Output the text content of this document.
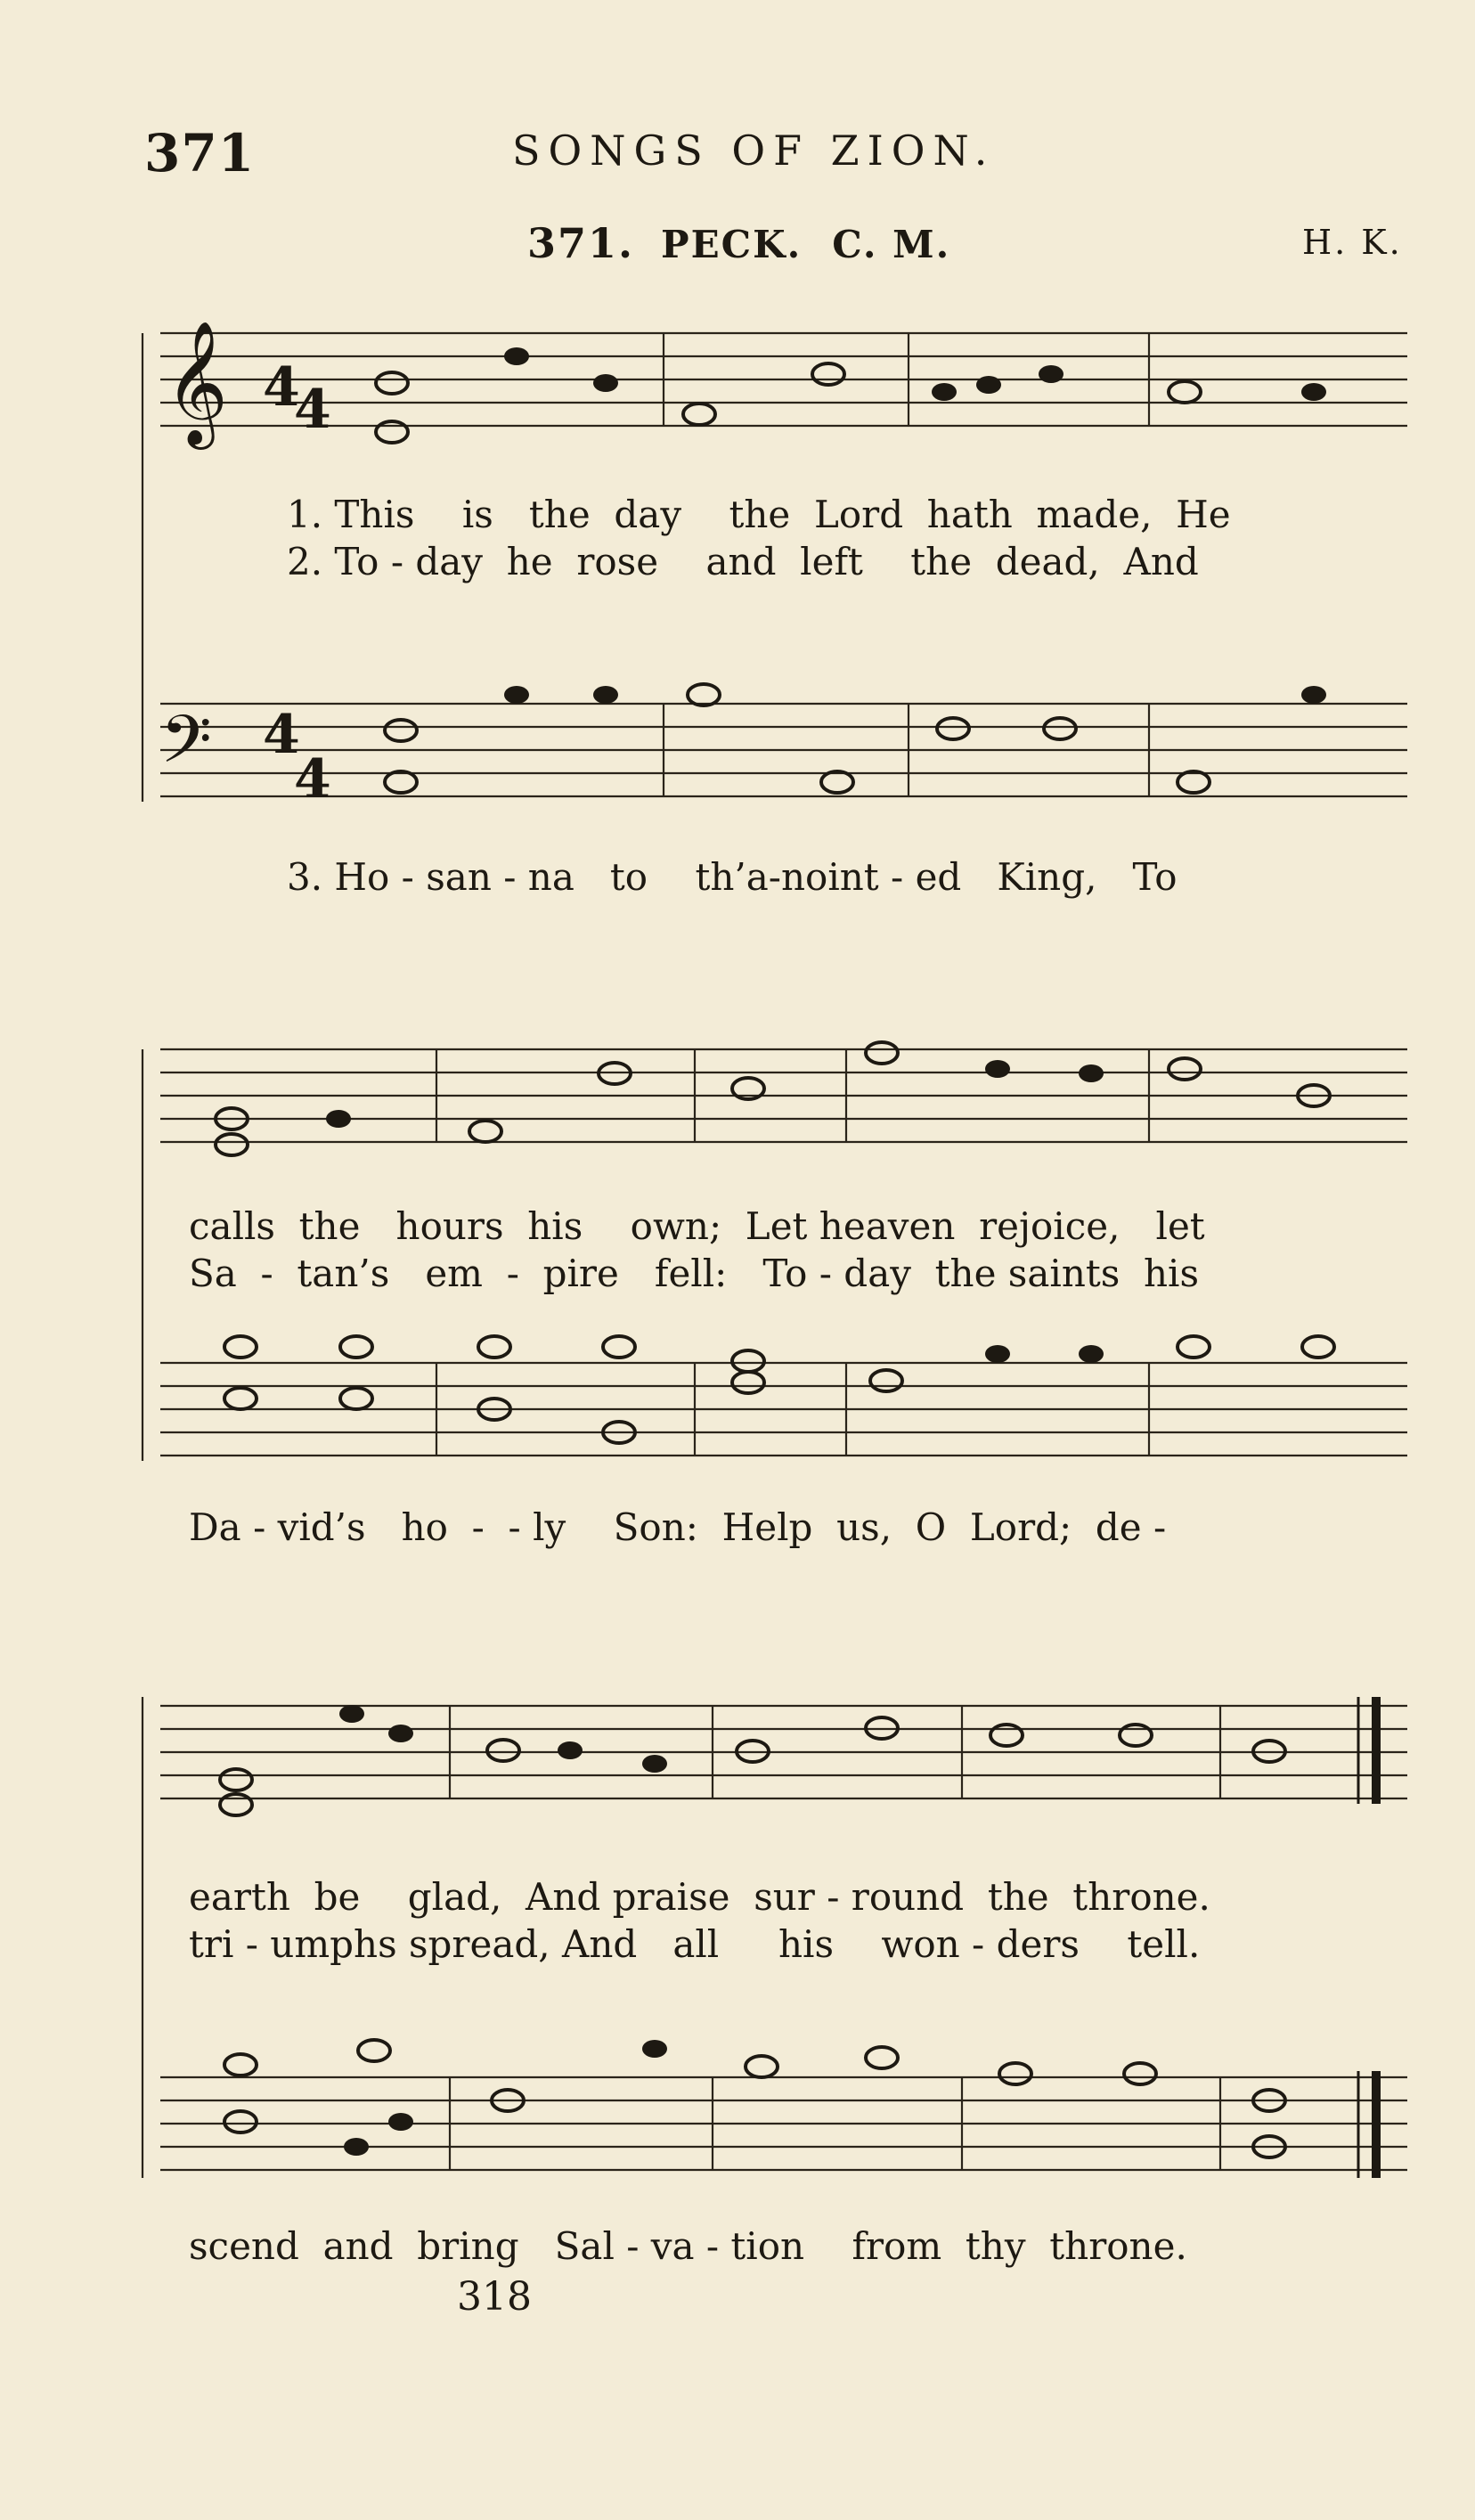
371	SONGS OF ZION.
371. PECK. C. M.	H. K.
𝄞 4
4
𝄢 4
4
1. This    is   the  day    the  Lord  hath  made,  He
2. To - day  he  rose    and  left    the  dead,  And
3. Ho - san - na   to    th’a-noint - ed   King,   To
calls  the   hours  his    own;  Let heaven  rejoice,   let
Sa  -  tan’s   em  -  pire   fell:   To - day  the saints  his
Da - vid’s   ho  -  - ly    Son:  Help  us,  O  Lord;  de -
earth  be    glad,  And praise  sur - round  the  throne.
tri - umphs spread, And   all     his    won - ders    tell.
scend  and  bring   Sal - va - tion    from  thy  throne.
318
